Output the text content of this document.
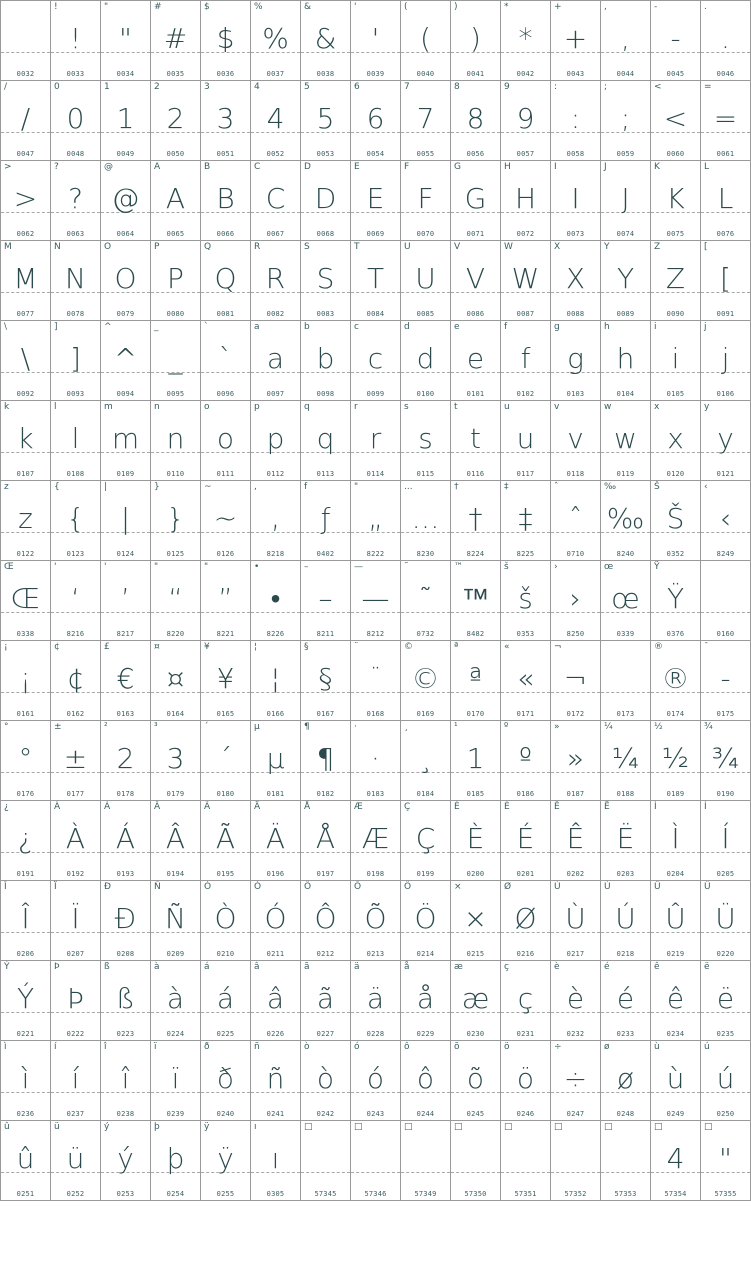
0032
!
!
0033
"
"
0034
#
#
0035
$
$
0036
%
%
0037
&
&
0038
'
'
0039
(
(
0040
)
)
0041
*
*
0042
+
+
0043
,
,
0044
-
-
0045
.
.
0046
/
/
0047
0
0
0048
1
1
0049
2
2
0050
3
3
0051
4
4
0052
5
5
0053
6
6
0054
7
7
0055
8
8
0056
9
9
0057
:
:
0058
;
;
0059
<
<
0060
=
=
0061
>
>
0062
?
?
0063
@
@
0064
A
A
0065
B
B
0066
C
C
0067
D
D
0068
E
E
0069
F
F
0070
G
G
0071
H
H
0072
I
I
0073
J
J
0074
K
K
0075
L
L
0076
M
M
0077
N
N
0078
O
O
0079
P
P
0080
Q
Q
0081
R
R
0082
S
S
0083
T
T
0084
U
U
0085
V
V
0086
W
W
0087
X
X
0088
Y
Y
0089
Z
Z
0090
[
[
0091
\
\
0092
]
]
0093
^
^
0094
_
_
0095
`
`
0096
a
a
0097
b
b
0098
c
c
0099
d
d
0100
e
e
0101
f
f
0102
g
g
0103
h
h
0104
i
i
0105
j
j
0106
k
k
0107
l
l
0108
m
m
0109
n
n
0110
o
o
0111
p
p
0112
q
q
0113
r
r
0114
s
s
0115
t
t
0116
u
u
0117
v
v
0118
w
w
0119
x
x
0120
y
y
0121
z
z
0122
{
{
0123
|
|
0124
}
}
0125
~
~
0126
,
‚
8218
f
ƒ
0402
"
„
8222
...
…
8230
†
†
8224
‡
‡
8225
ˆ
ˆ
0710
‰
‰
8240
Š
Š
0352
‹
‹
8249
Œ
Œ
0338
'
‘
8216
'
’
8217
"
“
8220
"
”
8221
•
•
8226
–
–
8211
—
—
8212
˜
˜
0732
™
™
8482
š
š
0353
›
›
8250
œ
œ
0339
Ÿ
Ÿ
0376	0160
¡
¡
0161
¢
¢
0162
£
€
0163
¤
¤
0164
¥
¥
0165
¦
¦
0166
§
§
0167
¨
¨
0168
©
©
0169
ª
ª
0170
«
«
0171
¬
¬
0172	0173
®
®
0174
¯
-
0175
°
°
0176
±
±
0177
²
2
0178
³
3
0179
´
´
0180
µ
µ
0181
¶
¶
0182
·
·
0183
¸
¸
0184
¹
1
0185
º
º
0186
»
»
0187
¼
¼
0188
½
½
0189
¾
¾
0190
¿
¿
0191
À
À
0192
Á
Á
0193
Â
Â
0194
Ã
Ã
0195
Ä
Ä
0196
Å
Å
0197
Æ
Æ
0198
Ç
Ç
0199
È
È
0200
É
É
0201
Ê
Ê
0202
Ë
Ë
0203
Ì
Ì
0204
Í
Í
0205
Î
Î
0206
Ï
Ï
0207
Ð
Ð
0208
Ñ
Ñ
0209
Ò
Ò
0210
Ó
Ó
0211
Ô
Ô
0212
Õ
Õ
0213
Ö
Ö
0214
×
×
0215
Ø
Ø
0216
Ù
Ù
0217
Ú
Ú
0218
Û
Û
0219
Ü
Ü
0220
Ý
Ý
0221
Þ
Þ
0222
ß
ß
0223
à
à
0224
á
á
0225
â
â
0226
ã
ã
0227
ä
ä
0228
å
å
0229
æ
æ
0230
ç
ç
0231
è
è
0232
é
é
0233
ê
ê
0234
ë
ë
0235
ì
ì
0236
í
í
0237
î
î
0238
ï
ï
0239
ð
ð
0240
ñ
ñ
0241
ò
ò
0242
ó
ó
0243
ô
ô
0244
õ
õ
0245
ö
ö
0246
÷
÷
0247
ø
ø
0248
ù
ù
0249
ú
ú
0250
û
û
0251
ü
ü
0252
ý
ý
0253
þ
þ
0254
ÿ
ÿ
0255
ı
ı
0305
□
57345
□
57346
□
57349
□
57350
□
57351
□
57352
□
57353
□
4
57354
□
"
57355
